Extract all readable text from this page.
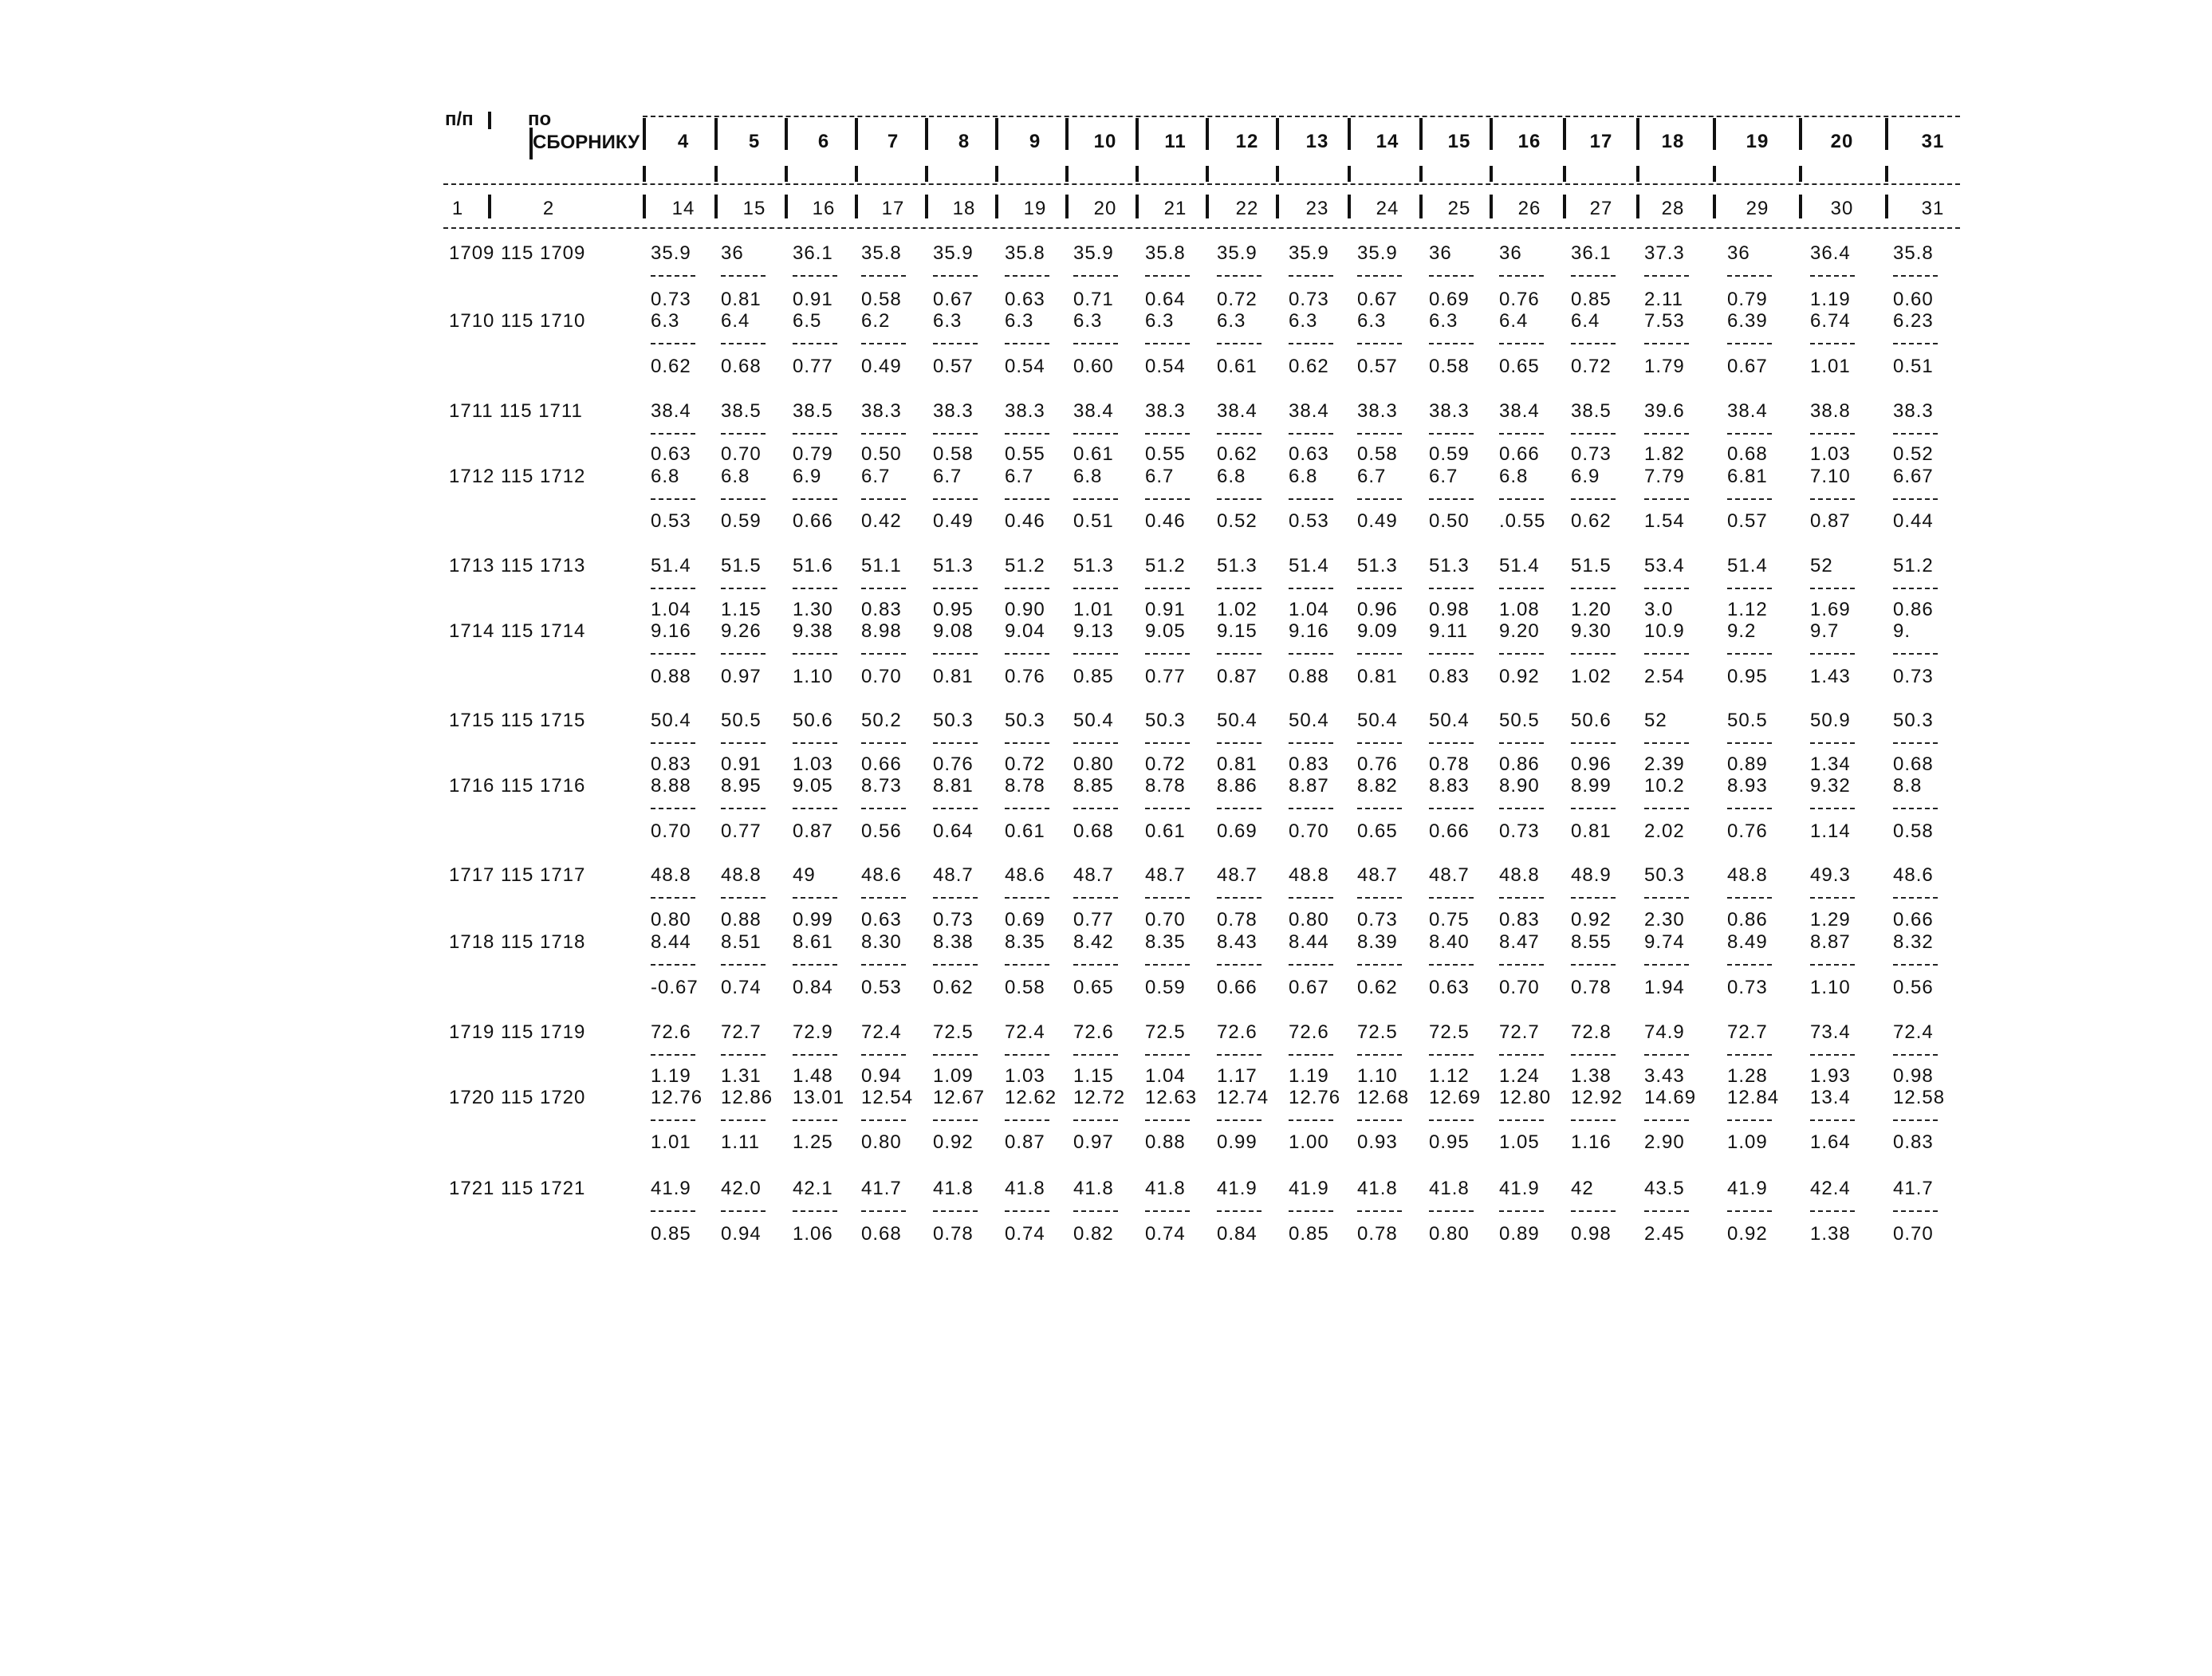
п/п	по
СБОРНИКУ 4	5	6	7	8	9	10 11	12 13 14	15 16	17	18	19	20	31
1	2	14	15 16 17	18	19 20 21	22 23 24	25 26	27	28	29	30	31
1709 115 1709	35.9 36	36.1 35.8 35.9 35.8 35.9 35.8 35.9 35.9 35.9 36 36	36.1 37.3 36	36.4 35.8
0.73 0.81 0.91 0.58 0.67 0.63 0.71 0.64 0.72 0.73 0.67 0.69 0.76 0.85 2.11 0.79 1.19 0.60
1710 115 1710	6.3 6.4 6.5 6.2 6.3 6.3 6.3 6.3 6.3 6.3 6.3 6.3 6.4 6.4 7.53 6.39 6.74 6.23
0.62 0.68 0.77 0.49 0.57 0.54 0.60 0.54 0.61 0.62 0.57 0.58 0.65 0.72 1.79 0.67 1.01 0.51
1711 115 1711	38.4 38.5 38.5 38.3 38.3 38.3 38.4 38.3 38.4 38.4 38.3 38.3 38.4 38.5 39.6 38.4 38.8 38.3
0.63 0.70 0.79 0.50 0.58 0.55 0.61 0.55 0.62 0.63 0.58 0.59 0.66 0.73 1.82 0.68 1.03 0.52
1712 115 1712	6.8 6.8 6.9 6.7 6.7 6.7 6.8 6.7 6.8 6.8 6.7 6.7 6.8 6.9 7.79 6.81 7.10 6.67
0.53 0.59 0.66 0.42 0.49 0.46 0.51 0.46 0.52 0.53 0.49 0.50 .0.55 0.62 1.54 0.57 0.87 0.44
1713 115 1713	51.4 51.5 51.6 51.1 51.3 51.2 51.3 51.2 51.3 51.4 51.3 51.3 51.4 51.5 53.4 51.4 52	51.2
1.04 1.15 1.30 0.83 0.95 0.90 1.01 0.91 1.02 1.04 0.96 0.98 1.08 1.20 3.0	1.12 1.69 0.86
1714 115 1714	9.16 9.26 9.38 8.98 9.08 9.04 9.13 9.05 9.15 9.16 9.09 9.11 9.20 9.30 10.9 9.2	9.7	9.
0.88 0.97 1.10 0.70 0.81 0.76 0.85 0.77 0.87 0.88 0.81 0.83 0.92 1.02 2.54 0.95 1.43 0.73
1715 115 1715	50.4 50.5 50.6 50.2 50.3 50.3 50.4 50.3 50.4 50.4 50.4 50.4 50.5 50.6 52	50.5 50.9 50.3
0.83 0.91 1.03 0.66 0.76 0.72 0.80 0.72 0.81 0.83 0.76 0.78 0.86 0.96 2.39 0.89 1.34 0.68
1716 115 1716	8.88 8.95 9.05 8.73 8.81 8.78 8.85 8.78 8.86 8.87 8.82 8.83 8.90 8.99 10.2 8.93 9.32 8.8
0.70 0.77 0.87 0.56 0.64 0.61 0.68 0.61 0.69 0.70 0.65 0.66 0.73 0.81 2.02 0.76 1.14 0.58
1717 115 1717	48.8 48.8 49 48.6 48.7 48.6 48.7 48.7 48.7 48.8 48.7 48.7 48.8 48.9 50.3 48.8 49.3 48.6
0.80 0.88 0.99 0.63 0.73 0.69 0.77 0.70 0.78 0.80 0.73 0.75 0.83 0.92 2.30 0.86 1.29 0.66
1718 115 1718	8.44 8.51 8.61 8.30 8.38 8.35 8.42 8.35 8.43 8.44 8.39 8.40 8.47 8.55 9.74 8.49 8.87 8.32
-0.67 0.74 0.84 0.53 0.62 0.58 0.65 0.59 0.66 0.67 0.62 0.63 0.70 0.78 1.94 0.73 1.10 0.56
1719 115 1719	72.6 72.7 72.9 72.4 72.5 72.4 72.6 72.5 72.6 72.6 72.5 72.5 72.7 72.8 74.9 72.7 73.4 72.4
1.19 1.31 1.48 0.94 1.09 1.03 1.15 1.04 1.17 1.19 1.10 1.12 1.24 1.38 3.43 1.28 1.93 0.98
1720 115 1720	12.76 12.86 13.01 12.54 12.67 12.62 12.72 12.63 12.74 12.76 12.68 12.69 12.80 12.92 14.69 12.84 13.4 12.58
1.01 1.11 1.25 0.80 0.92 0.87 0.97 0.88 0.99 1.00 0.93 0.95 1.05 1.16 2.90 1.09 1.64 0.83
1721 115 1721	41.9 42.0 42.1 41.7 41.8 41.8 41.8 41.8 41.9 41.9 41.8 41.8 41.9 42	43.5 41.9 42.4 41.7
0.85 0.94 1.06 0.68 0.78 0.74 0.82 0.74 0.84 0.85 0.78 0.80 0.89 0.98 2.45 0.92 1.38 0.70
